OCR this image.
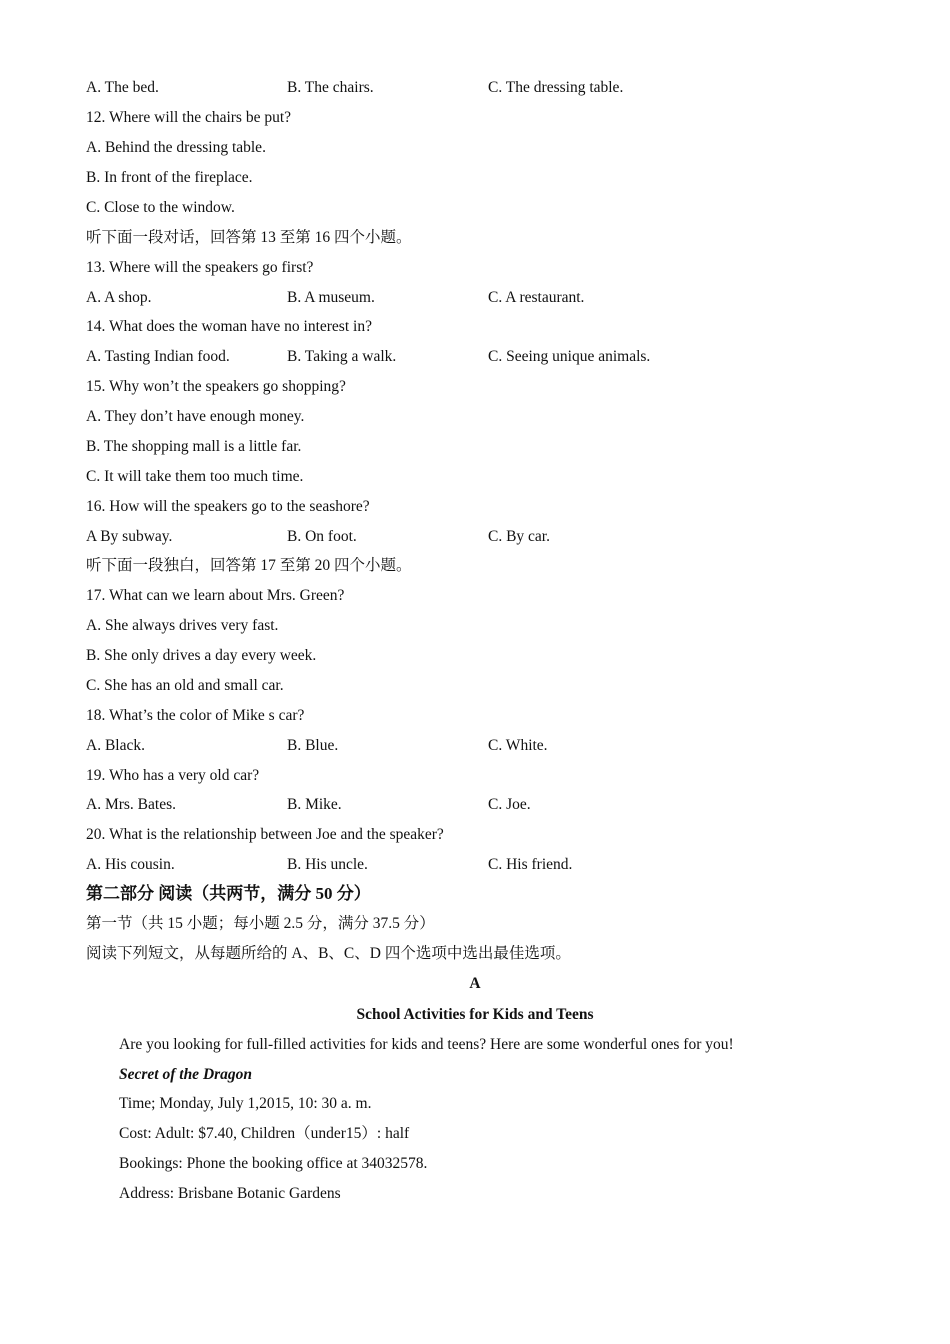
A. The bed.	B. The chairs.	C. The dressing table.
12. Where will the chairs be put?
A. Behind the dressing table.
B. In front of the fireplace.
C. Close to the window.
听下面一段对话，回答第 13 至第 16 四个小题。
13. Where will the speakers go first?
A. A shop.	B. A museum.	C. A restaurant.
14. What does the woman have no interest in?
A. Tasting Indian food.	B. Taking a walk.	C. Seeing unique animals.
15. Why won’t the speakers go shopping?
A. They don’t have enough money.
B. The shopping mall is a little far.
C. It will take them too much time.
16. How will the speakers go to the seashore?
A By subway.	B. On foot.	C. By car.
听下面一段独白，回答第 17 至第 20 四个小题。
17. What can we learn about Mrs. Green?
A. She always drives very fast.
B. She only drives a day every week.
C. She has an old and small car.
18. What’s the color of Mike s car?
A. Black.	B. Blue.	C. White.
19. Who has a very old car?
A. Mrs. Bates.	B. Mike.	C. Joe.
20. What is the relationship between Joe and the speaker?
A. His cousin.	B. His uncle.	C. His friend.
第二部分 阅读（共两节，满分 50 分）
第一节（共 15 小题；每小题 2.5 分，满分 37.5 分）
阅读下列短文，从每题所给的 A、B、C、D 四个选项中选出最佳选项。
A
School Activities for Kids and Teens
Are you looking for full-filled activities for kids and teens? Here are some wonderful ones for you!
Secret of the Dragon
Time; Monday, July 1,2015, 10: 30 a. m.
Cost: Adult: $7.40, Children（under15）: half
Bookings: Phone the booking office at 34032578.
Address: Brisbane Botanic Gardens
